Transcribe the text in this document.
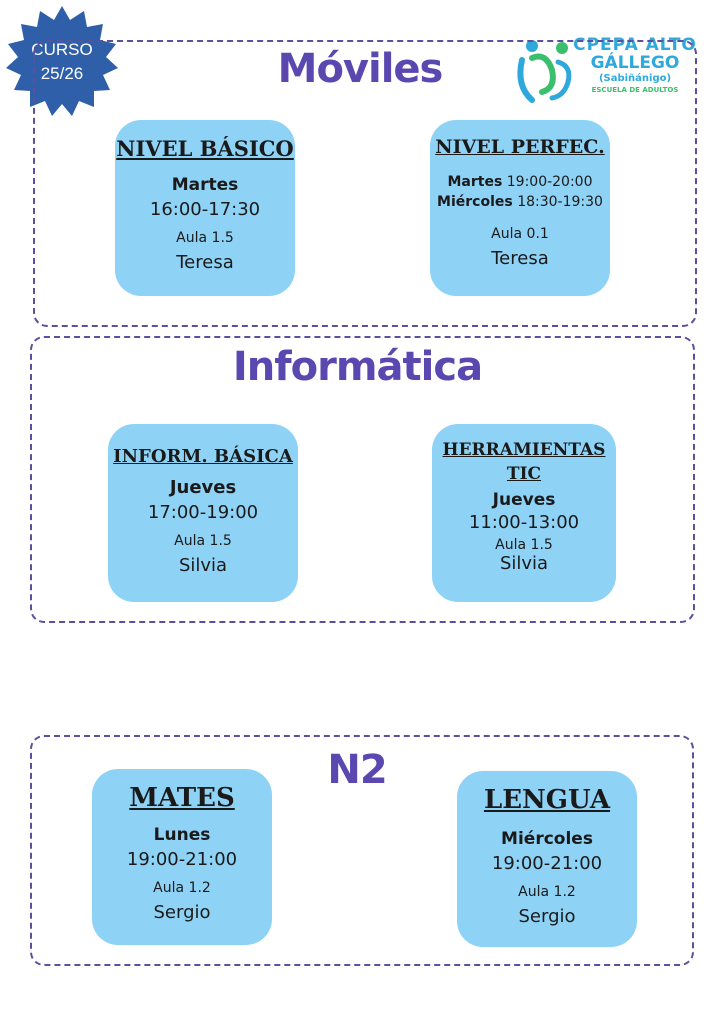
CURSO
25/26
CPEPA ALTO
GÁLLEGO
(Sabiñánigo)
ESCUELA DE ADULTOS
Móviles
NIVEL BÁSICO
Martes
16:00-17:30
Aula 1.5
Teresa
NIVEL PERFEC.
Martes 19:00-20:00
Miércoles 18:30-19:30
Aula 0.1
Teresa
Informática
INFORM. BÁSICA
Jueves
17:00-19:00
Aula 1.5
Silvia
HERRAMIENTAS
TIC
Jueves
11:00-13:00
Aula 1.5
Silvia
N2
MATES
Lunes
19:00-21:00
Aula 1.2
Sergio
LENGUA
Miércoles
19:00-21:00
Aula 1.2
Sergio
